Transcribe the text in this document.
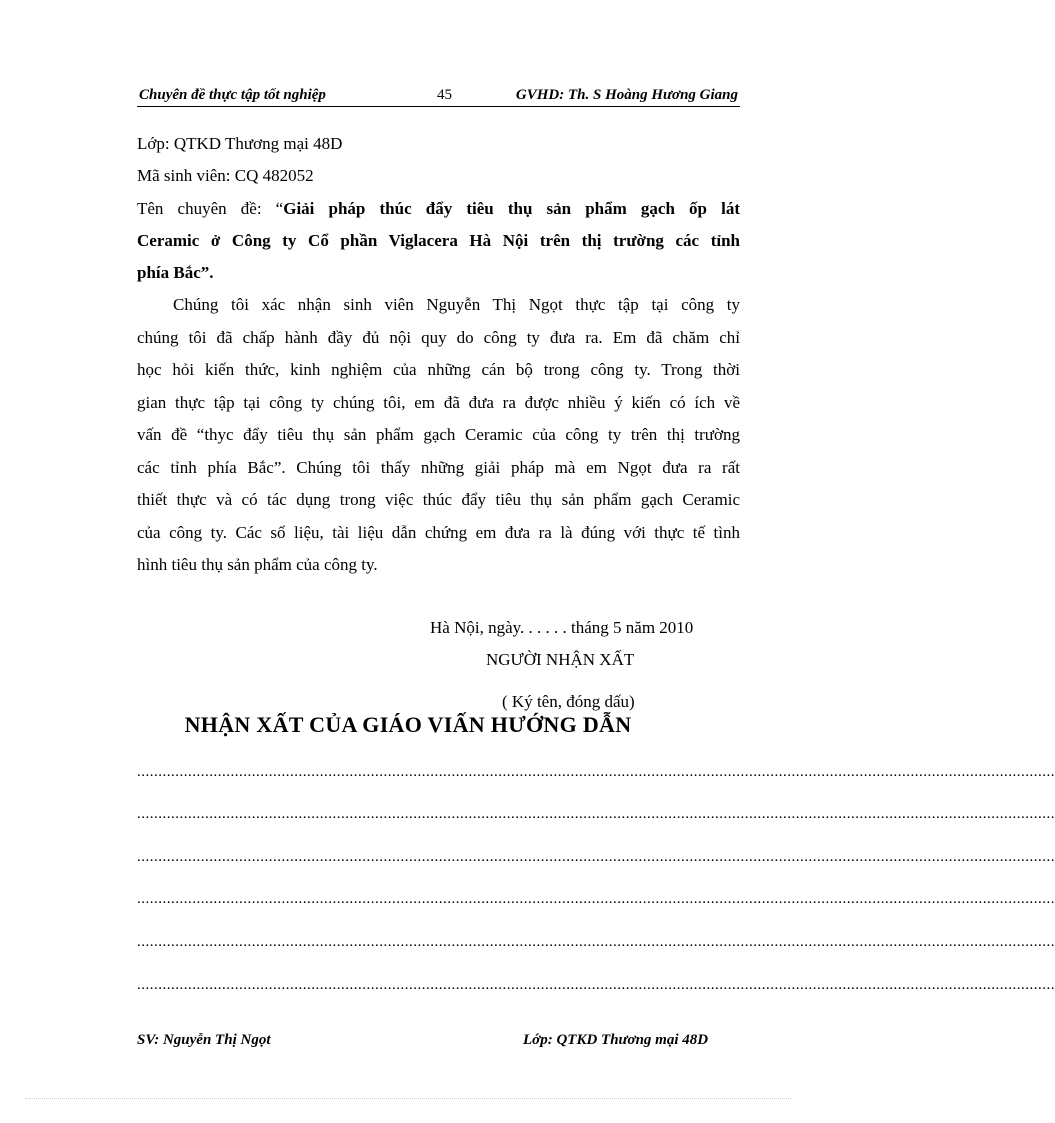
Chuyên đề thực tập tốt nghiệp	45	GVHD: Th. S Hoàng Hương Giang
Lớp: QTKD Thương mại 48D
Mã sinh viên: CQ 482052
Tên chuyên đề: “Giải pháp thúc đẩy tiêu thụ sản phẩm gạch ốp lát
Ceramic ở Công ty Cổ phần Viglacera Hà Nội trên thị trường các tỉnh
phía Bắc”.
Chúng tôi xác nhận sinh viên Nguyễn Thị Ngọt thực tập tại công ty
chúng tôi đã chấp hành đầy đủ nội quy do công ty đưa ra. Em đã chăm chỉ
học hỏi kiến thức, kinh nghiệm của những cán bộ trong công ty. Trong thời
gian thực tập tại công ty chúng tôi, em đã đưa ra được nhiều ý kiến có ích về
vấn đề “thyc đẩy tiêu thụ sản phẩm gạch Ceramic của công ty trên thị trường
các tỉnh phía Bắc”. Chúng tôi thấy những giải pháp mà em Ngọt đưa ra rất
thiết thực và có tác dụng trong việc thúc đẩy tiêu thụ sản phẩm gạch Ceramic
của công ty. Các số liệu, tài liệu dẫn chứng em đưa ra là đúng với thực tế tình
hình tiêu thụ sản phẩm của công ty.
Hà Nội, ngày. . . . . . tháng 5 năm 2010
NGƯỜI NHẬN XẤT
( Ký tên, đóng dấu)
NHẬN XẤT CỦA GIÁO VIẤN HƯỚNG DẪN
........................................................................................................................................................................................................................
........................................................................................................................................................................................................................
........................................................................................................................................................................................................................
........................................................................................................................................................................................................................
........................................................................................................................................................................................................................
........................................................................................................................................................................................................................
SV: Nguyễn Thị Ngọt	Lớp: QTKD Thương mại 48D
